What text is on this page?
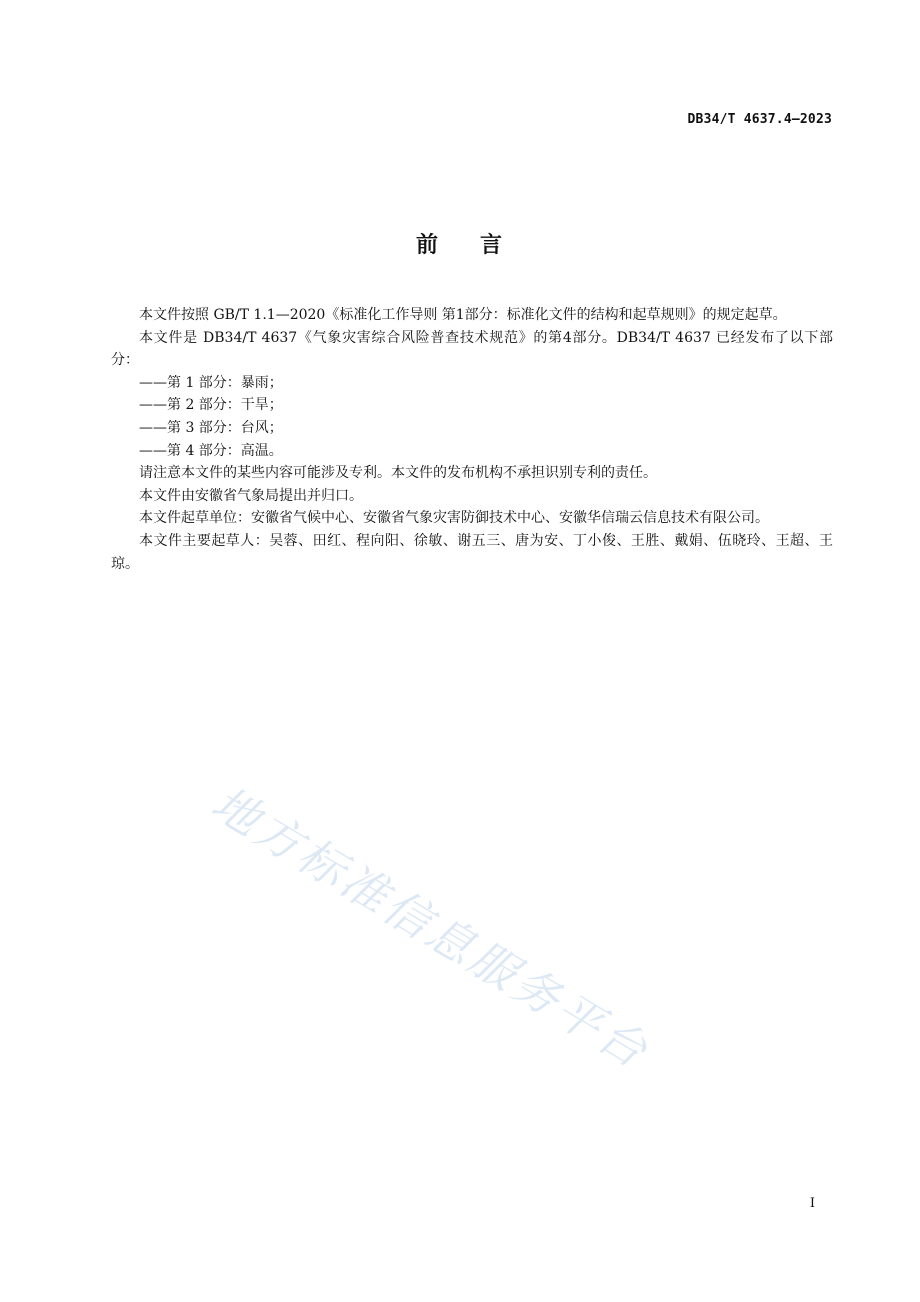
DB34/T 4637.4—2023
前 言

本文件按照 GB/T 1.1—2020《标准化工作导则 第1部分：标准化文件的结构和起草规则》的规定起草。

本文件是 DB34/T 4637《气象灾害综合风险普查技术规范》的第4部分。DB34/T 4637 已经发布了以下部分：

——第 1 部分：暴雨；

——第 2 部分：干旱；

——第 3 部分：台风；

——第 4 部分：高温。

请注意本文件的某些内容可能涉及专利。本文件的发布机构不承担识别专利的责任。

本文件由安徽省气象局提出并归口。

本文件起草单位：安徽省气候中心、安徽省气象灾害防御技术中心、安徽华信瑞云信息技术有限公司。

本文件主要起草人：吴蓉、田红、程向阳、徐敏、谢五三、唐为安、丁小俊、王胜、戴娟、伍晓玲、王超、王琼。

地方标准信息服务平台
I
